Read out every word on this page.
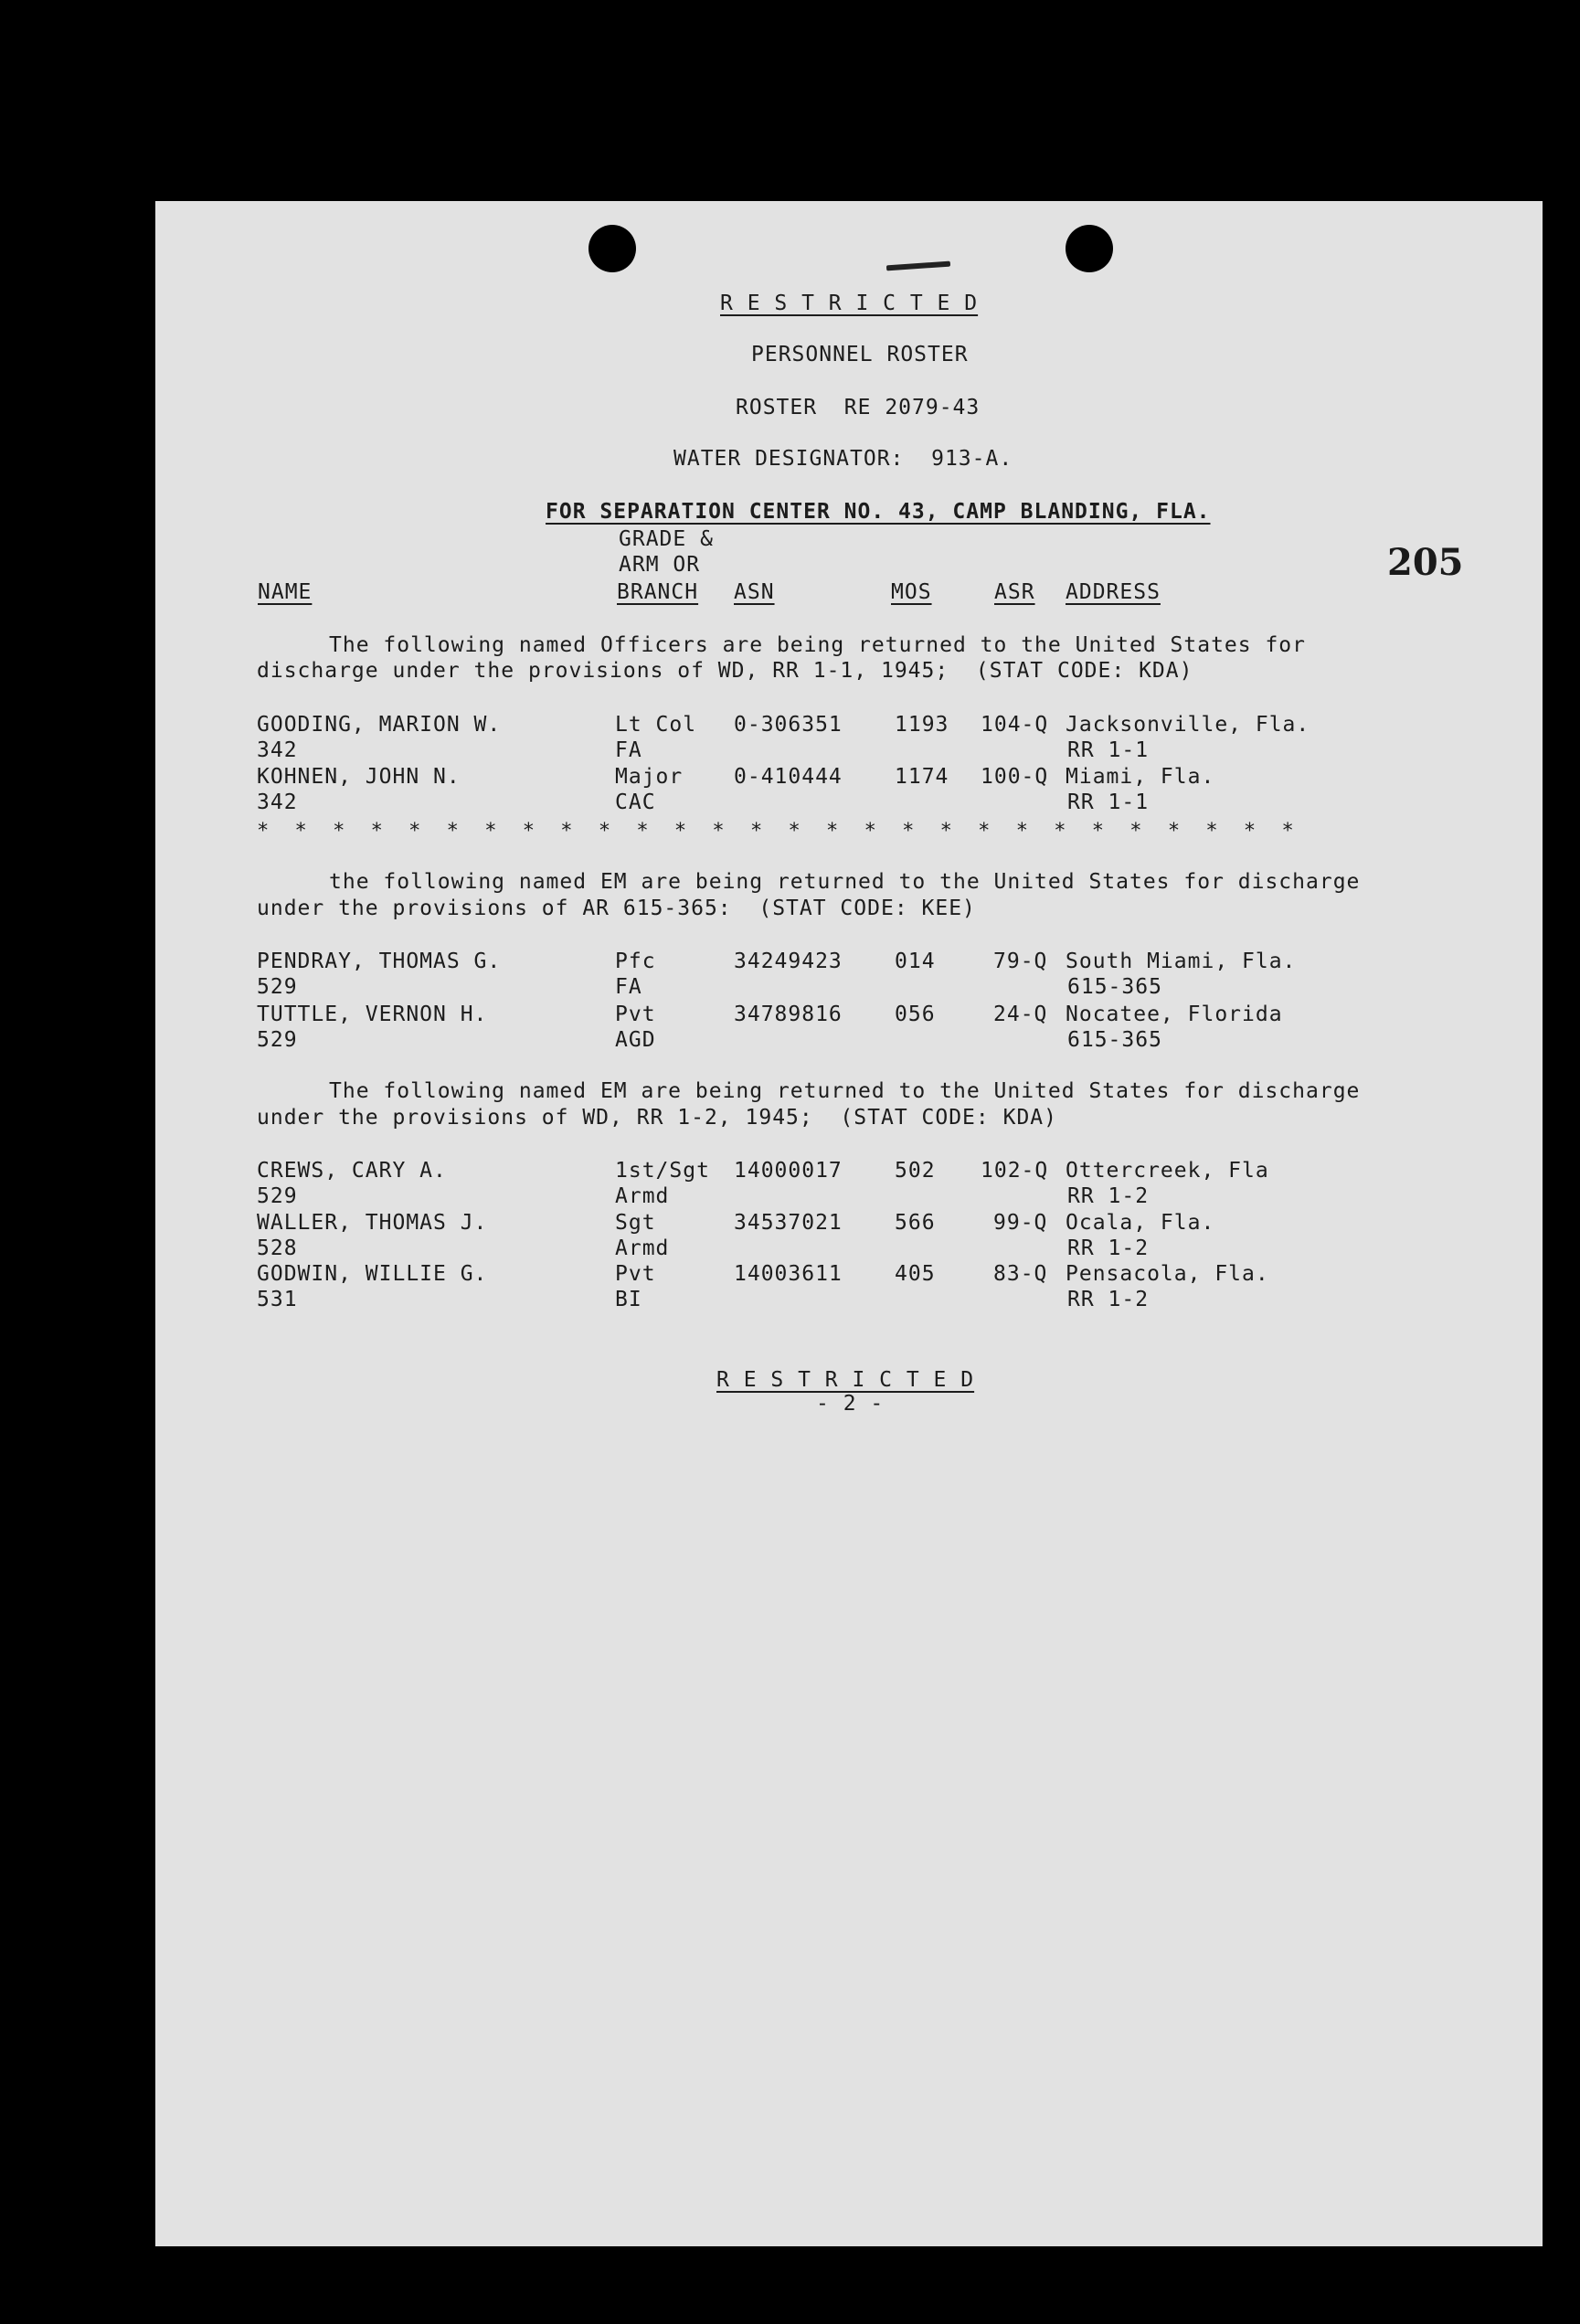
R E S T R I C T E D
PERSONNEL ROSTER
ROSTER  RE 2079-43
WATER DESIGNATOR:  913-A.
FOR SEPARATION CENTER NO. 43, CAMP BLANDING, FLA.
205
GRADE &
ARM OR
NAME	BRANCH ASN	MOS	ASR ADDRESS
The following named Officers are being returned to the United States for
discharge under the provisions of WD, RR 1-1, 1945;  (STAT CODE: KDA)
GOODING, MARION W.	Lt Col 0-306351 1193 104-Q Jacksonville, Fla.
342	FA	RR 1-1
KOHNEN, JOHN N.	Major 0-410444 1174 100-Q Miami, Fla.
342	CAC	RR 1-1
*  *  *  *  *  *  *  *  *  *  *  *  *  *  *  *  *  *  *  *  *  *  *  *  *  *  *  *
the following named EM are being returned to the United States for discharge
under the provisions of AR 615-365:  (STAT CODE: KEE)
PENDRAY, THOMAS G.	Pfc	34249423 014	79-Q South Miami, Fla.
529	FA	615-365
TUTTLE, VERNON H.	Pvt	34789816 056	24-Q Nocatee, Florida
529	AGD	615-365
The following named EM are being returned to the United States for discharge
under the provisions of WD, RR 1-2, 1945;  (STAT CODE: KDA)
CREWS, CARY A.	1st/Sgt 14000017 502 102-Q Ottercreek, Fla
529	Armd	RR 1-2
WALLER, THOMAS J.	Sgt	34537021 566	99-Q Ocala, Fla.
528	Armd	RR 1-2
GODWIN, WILLIE G.	Pvt	14003611 405	83-Q Pensacola, Fla.
531	BI	RR 1-2
R E S T R I C T E D
- 2 -
